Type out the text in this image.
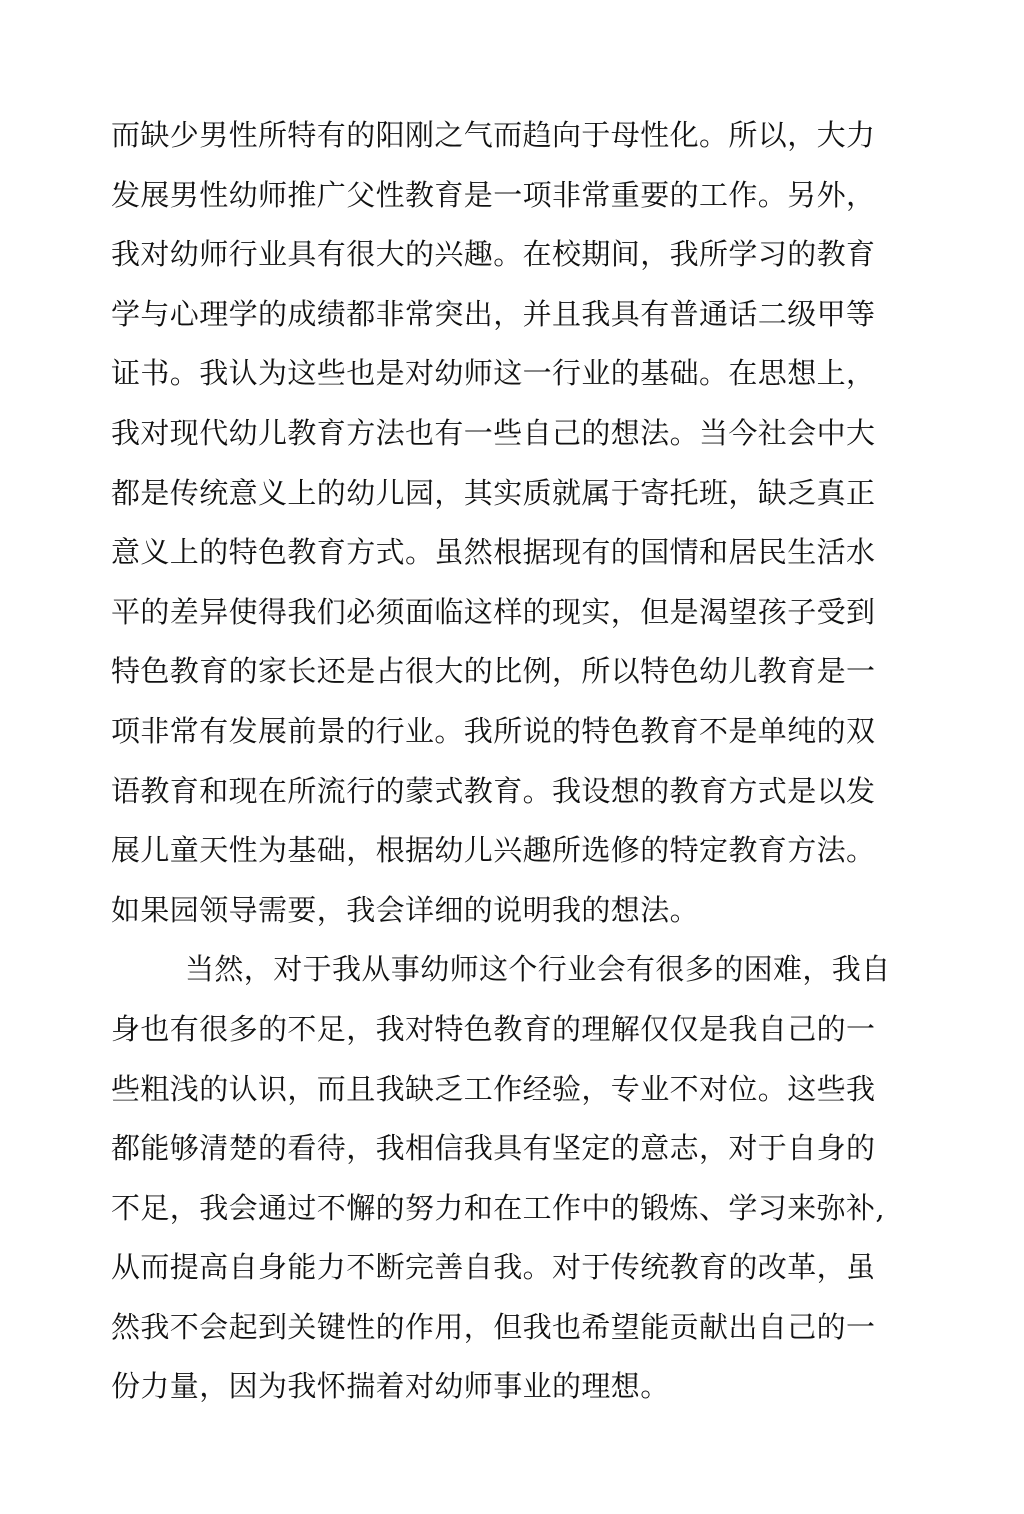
而缺少男性所特有的阳刚之气而趋向于母性化。所以，大力
发展男性幼师推广父性教育是一项非常重要的工作。另外，
我对幼师行业具有很大的兴趣。在校期间，我所学习的教育
学与心理学的成绩都非常突出，并且我具有普通话二级甲等
证书。我认为这些也是对幼师这一行业的基础。在思想上，
我对现代幼儿教育方法也有一些自己的想法。当今社会中大
都是传统意义上的幼儿园，其实质就属于寄托班，缺乏真正
意义上的特色教育方式。虽然根据现有的国情和居民生活水
平的差异使得我们必须面临这样的现实，但是渴望孩子受到
特色教育的家长还是占很大的比例，所以特色幼儿教育是一
项非常有发展前景的行业。我所说的特色教育不是单纯的双
语教育和现在所流行的蒙式教育。我设想的教育方式是以发
展儿童天性为基础，根据幼儿兴趣所选修的特定教育方法。
如果园领导需要，我会详细的说明我的想法。
当然，对于我从事幼师这个行业会有很多的困难，我自
身也有很多的不足，我对特色教育的理解仅仅是我自己的一
些粗浅的认识，而且我缺乏工作经验，专业不对位。这些我
都能够清楚的看待，我相信我具有坚定的意志，对于自身的
不足，我会通过不懈的努力和在工作中的锻炼、学习来弥补,
从而提高自身能力不断完善自我。对于传统教育的改革，虽
然我不会起到关键性的作用，但我也希望能贡献出自己的一
份力量，因为我怀揣着对幼师事业的理想。
